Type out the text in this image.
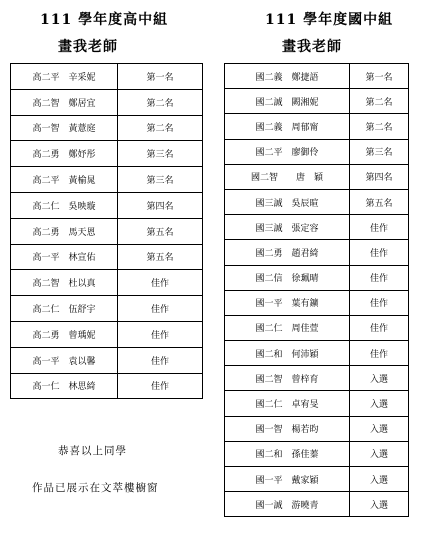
111 學年度高中組
畫我老師
111 學年度國中組
畫我老師
高二平　辛采妮	第一名
高二智　鄭居宜	第二名
高一智　黃薏庭	第二名
高二勇　鄭妤彤	第三名
高二平　黃榆晁	第三名
高二仁　吳映璇	第四名
高二勇　馬天恩	第五名
高一平　林宣佑	第五名
高二智　杜以真	佳作
高二仁　伍舒宇	佳作
高二勇　曾瑀妮	佳作
高一平　袁以馨	佳作
高一仁　林思綺	佳作
國二義　鄭捷語	第一名
國二誠　闕湘妮	第二名
國二義　周郁甯	第二名
國二平　廖御伶	第三名
國二智　　唐　穎	第四名
國三誠　吳辰暄	第五名
國三誠　張定容	佳作
國二勇　趙君綺	佳作
國二信　徐珮晴	佳作
國一平　葉有鑛	佳作
國二仁　周佳萱	佳作
國二和　何沛穎	佳作
國二智　曾梓育	入選
國二仁　卓宥旻	入選
國一智　楊若昀	入選
國二和　孫佳蓁	入選
國一平　戴家穎	入選
國一誠　游曉青	入選
恭喜以上同學
作品已展示在文萃樓櫥窗
